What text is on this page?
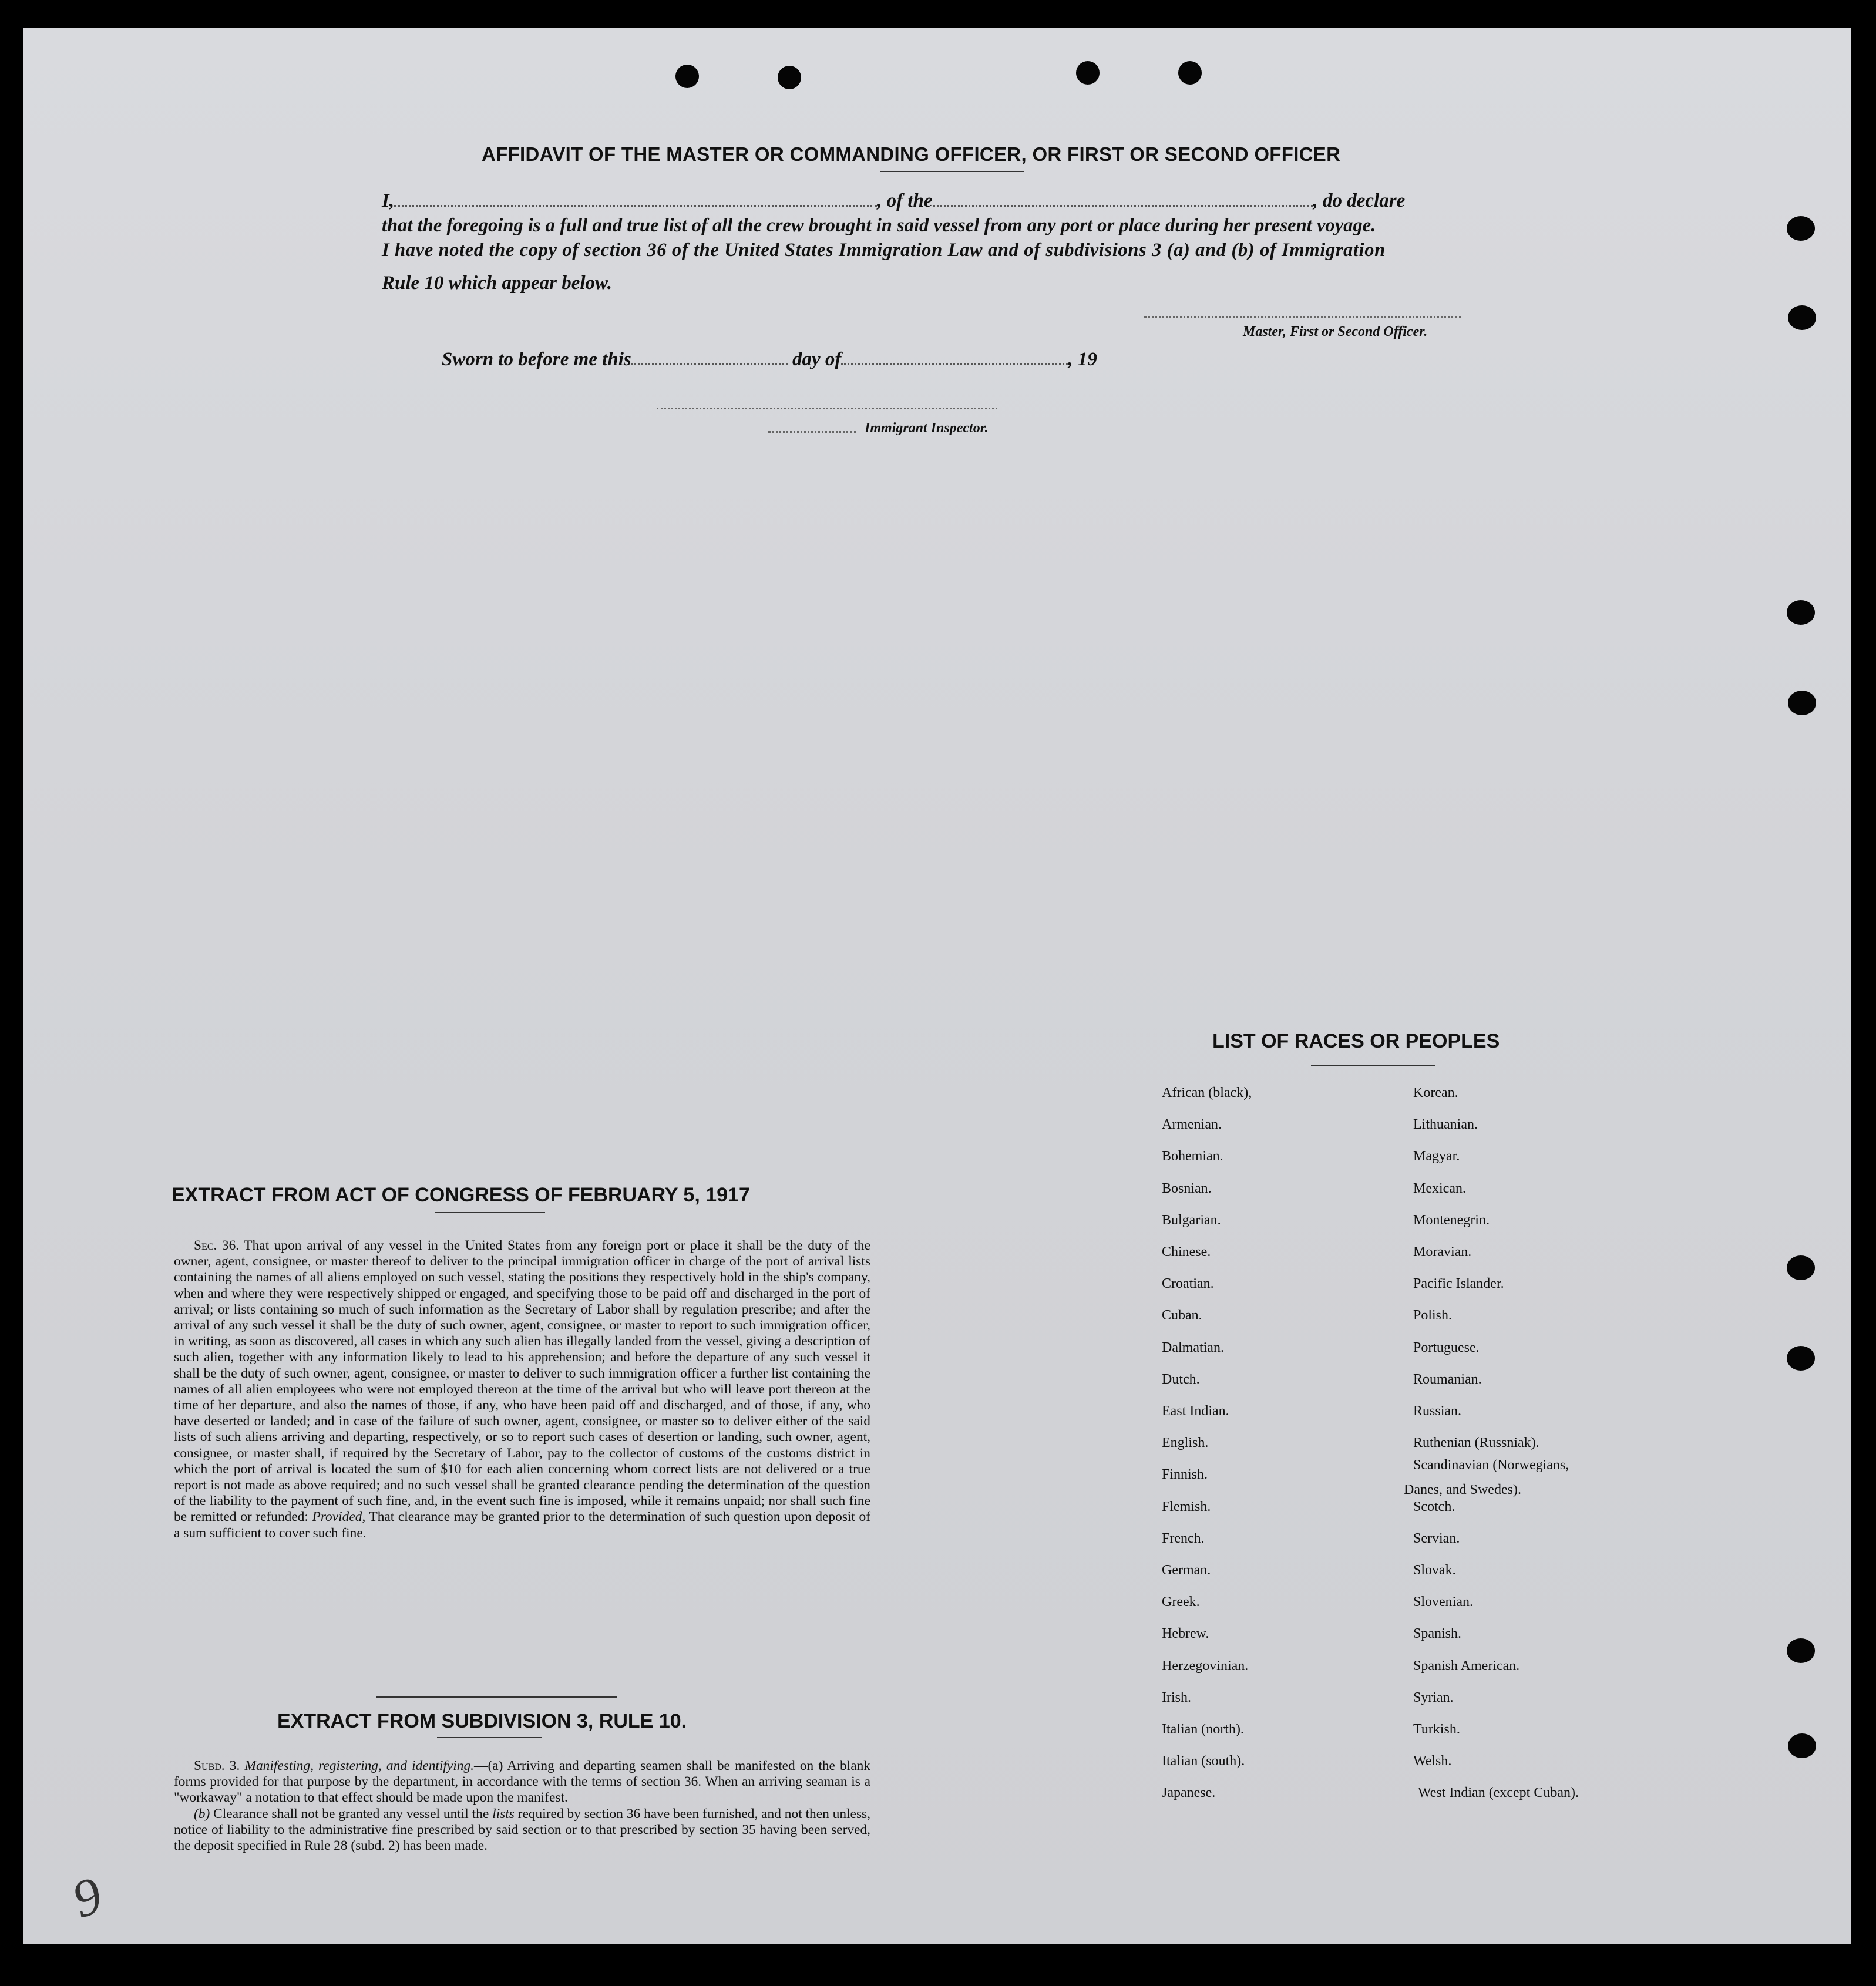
AFFIDAVIT OF THE MASTER OR COMMANDING OFFICER, OR FIRST OR SECOND OFFICER
I,	, of the	, do declare
that the foregoing is a full and true list of all the crew brought in said vessel from any port or place during her present voyage.
I have noted the copy of section 36 of the United States Immigration Law and of subdivisions 3 (a) and (b) of Immigration
Rule 10 which appear below.
Master, First or Second Officer.
Sworn to before me this	day of	, 19
Immigrant Inspector.
EXTRACT FROM ACT OF CONGRESS OF FEBRUARY 5, 1917

Sec. 36. That upon arrival of any vessel in the United States from any foreign port or place it shall be the duty of the owner, agent, consignee, or master thereof to deliver to the principal immigration officer in charge of the port of arrival lists containing the names of all aliens employed on such vessel, stating the positions they respectively hold in the ship's company, when and where they were respectively shipped or engaged, and specifying those to be paid off and discharged in the port of arrival; or lists containing so much of such information as the Secretary of Labor shall by regulation prescribe; and after the arrival of any such vessel it shall be the duty of such owner, agent, consignee, or master to report to such immigration officer, in writing, as soon as discovered, all cases in which any such alien has illegally landed from the vessel, giving a description of such alien, together with any information likely to lead to his apprehension; and before the departure of any such vessel it shall be the duty of such owner, agent, consignee, or master to deliver to such immigration officer a further list containing the names of all alien employees who were not employed thereon at the time of the arrival but who will leave port thereon at the time of her departure, and also the names of those, if any, who have been paid off and discharged, and of those, if any, who have deserted or landed; and in case of the failure of such owner, agent, consignee, or master so to deliver either of the said lists of such aliens arriving and departing, respectively, or so to report such cases of desertion or landing, such owner, agent, consignee, or master shall, if required by the Secretary of Labor, pay to the collector of customs of the customs district in which the port of arrival is located the sum of $10 for each alien concerning whom correct lists are not delivered or a true report is not made as above required; and no such vessel shall be granted clearance pending the determination of the question of the liability to the payment of such fine, and, in the event such fine is imposed, while it remains unpaid; nor shall such fine be remitted or refunded: Provided, That clearance may be granted prior to the determination of such question upon deposit of a sum sufficient to cover such fine.

EXTRACT FROM SUBDIVISION 3, RULE 10.

Subd. 3. Manifesting, registering, and identifying.—(a) Arriving and departing seamen shall be manifested on the blank forms provided for that purpose by the department, in accordance with the terms of section 36. When an arriving seaman is a "workaway" a notation to that effect should be made upon the manifest.

(b) Clearance shall not be granted any vessel until the lists required by section 36 have been furnished, and not then unless, notice of liability to the administrative fine prescribed by said section or to that prescribed by section 35 having been served, the deposit specified in Rule 28 (subd. 2) has been made.

LIST OF RACES OR PEOPLES
African (black),
Armenian.
Bohemian.
Bosnian.
Bulgarian.
Chinese.
Croatian.
Cuban.
Dalmatian.
Dutch.
East Indian.
English.
Finnish.
Flemish.
French.
German.
Greek.
Hebrew.
Herzegovinian.
Irish.
Italian (north).
Italian (south).
Japanese.
Korean.
Lithuanian.
Magyar.
Mexican.
Montenegrin.
Moravian.
Pacific Islander.
Polish.
Portuguese.
Roumanian.
Russian.
Ruthenian (Russniak).
Scandinavian (Norwegians,
Danes, and Swedes).
Scotch.
Servian.
Slovak.
Slovenian.
Spanish.
Spanish American.
Syrian.
Turkish.
Welsh.
West Indian (except Cuban).
9
